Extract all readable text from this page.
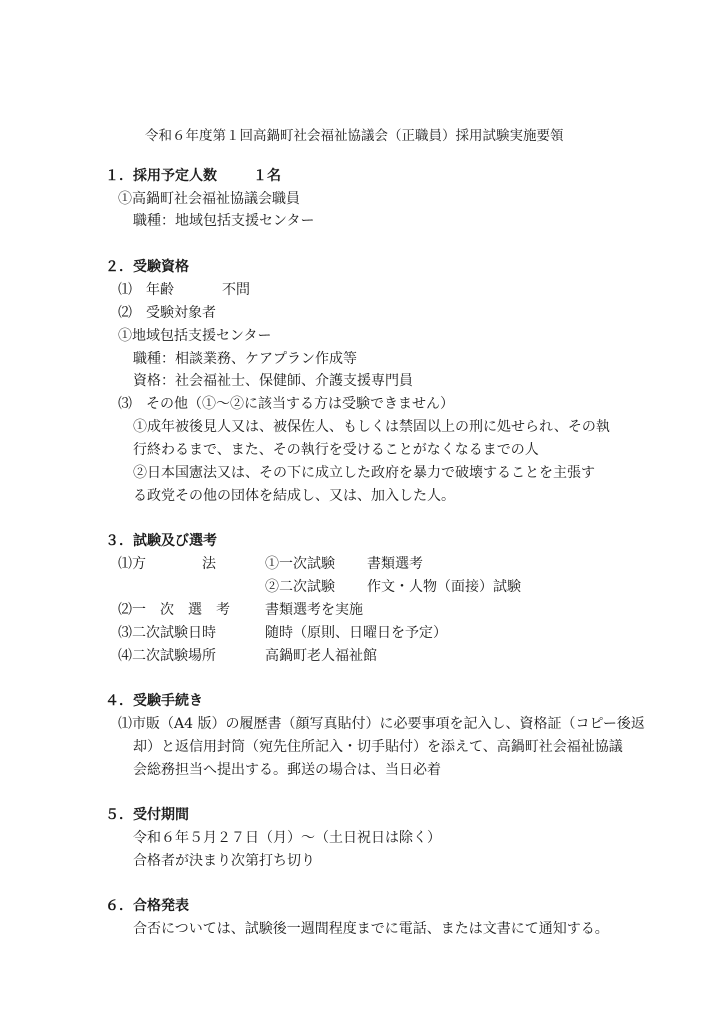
令和６年度第１回高鍋町社会福祉協議会（正職員）採用試験実施要領
１．採用予定人数	１名
①高鍋町社会福祉協議会職員
職種：地域包括支援センター
２．受験資格
⑴　年齢	不問
⑵　受験対象者
①地域包括支援センター
職種：相談業務、ケアプラン作成等
資格：社会福祉士、保健師、介護支援専門員
⑶　その他（①～②に該当する方は受験できません）
①成年被後見人又は、被保佐人、もしくは禁固以上の刑に処せられ、その執
行終わるまで、また、その執行を受けることがなくなるまでの人
②日本国憲法又は、その下に成立した政府を暴力で破壊することを主張す
る政党その他の団体を結成し、又は、加入した人。
３．試験及び選考
⑴方　　　　法	①一次試験 書類選考
②二次試験 作文・人物（面接）試験
⑵一　次　選　考	書類選考を実施
⑶二次試験日時	随時（原則、日曜日を予定）
⑷二次試験場所	高鍋町老人福祉館
４．受験手続き
⑴市販（A4 版）の履歴書（顔写真貼付）に必要事項を記入し、資格証（コピー後返
却）と返信用封筒（宛先住所記入・切手貼付）を添えて、高鍋町社会福祉協議
会総務担当へ提出する。郵送の場合は、当日必着
５．受付期間
令和６年５月２７日（月）～（土日祝日は除く）
合格者が決まり次第打ち切り
６．合格発表
合否については、試験後一週間程度までに電話、または文書にて通知する。
